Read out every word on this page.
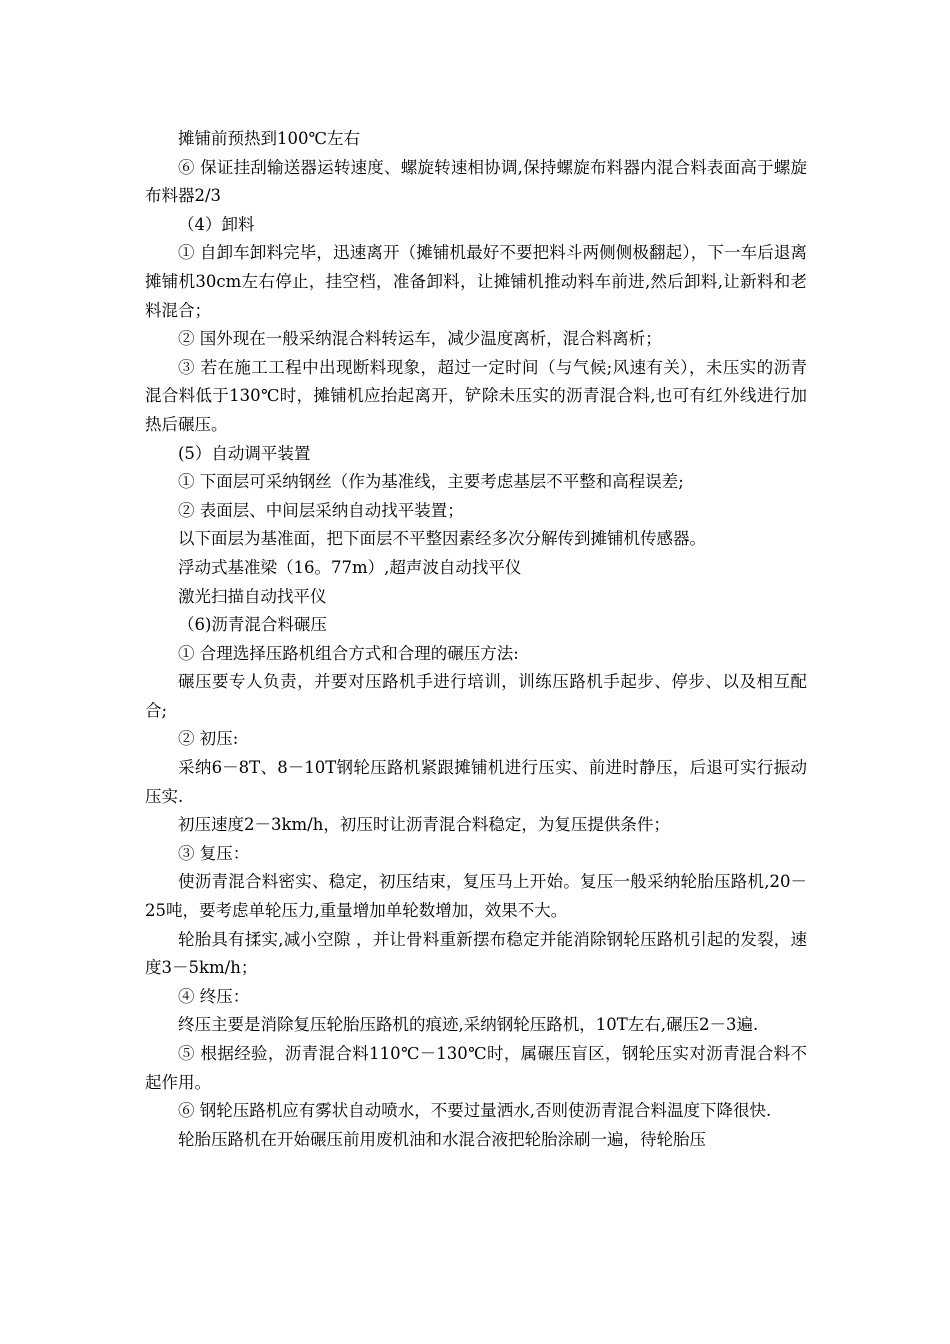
摊铺前预热到100℃左右

⑥ 保证挂刮输送器运转速度、螺旋转速相协调,保持螺旋布料器内混合料表面高于螺旋布料器2/3

（4）卸料

① 自卸车卸料完毕，迅速离开（摊铺机最好不要把料斗两侧侧极翻起），下一车后退离摊铺机30cm左右停止，挂空档，准备卸料，让摊铺机推动料车前进,然后卸料,让新料和老料混合；

② 国外现在一般采纳混合料转运车，减少温度离析，混合料离析；

③ 若在施工工程中出现断料现象，超过一定时间（与气候;风速有关），未压实的沥青混合料低于130℃时，摊铺机应抬起离开，铲除未压实的沥青混合料,也可有红外线进行加热后碾压。

(5）自动调平装置

① 下面层可采纳钢丝（作为基准线，主要考虑基层不平整和高程误差;

② 表面层、中间层采纳自动找平装置；

以下面层为基准面，把下面层不平整因素经多次分解传到摊铺机传感器。

浮动式基准梁（16。77m）,超声波自动找平仪

激光扫描自动找平仪

（6)沥青混合料碾压

① 合理选择压路机组合方式和合理的碾压方法:

碾压要专人负责，并要对压路机手进行培训，训练压路机手起步、停步、以及相互配合;

② 初压:

采纳6－8T、8－10T钢轮压路机紧跟摊铺机进行压实、前进时静压，后退可实行振动压实.

初压速度2－3km/h，初压时让沥青混合料稳定，为复压提供条件；

③ 复压：

使沥青混合料密实、稳定，初压结束，复压马上开始。复压一般采纳轮胎压路机,20－25吨，要考虑单轮压力,重量增加单轮数增加，效果不大。

轮胎具有揉实,减小空隙 ，并让骨料重新摆布稳定并能消除钢轮压路机引起的发裂，速度3－5km/h；

④ 终压：

终压主要是消除复压轮胎压路机的痕迹,采纳钢轮压路机，10T左右,碾压2－3遍.

⑤ 根据经验，沥青混合料110℃－130℃时，属碾压盲区，钢轮压实对沥青混合料不起作用。

⑥ 钢轮压路机应有雾状自动喷水，不要过量洒水,否则使沥青混合料温度下降很快.

轮胎压路机在开始碾压前用废机油和水混合液把轮胎涂刷一遍，待轮胎压
